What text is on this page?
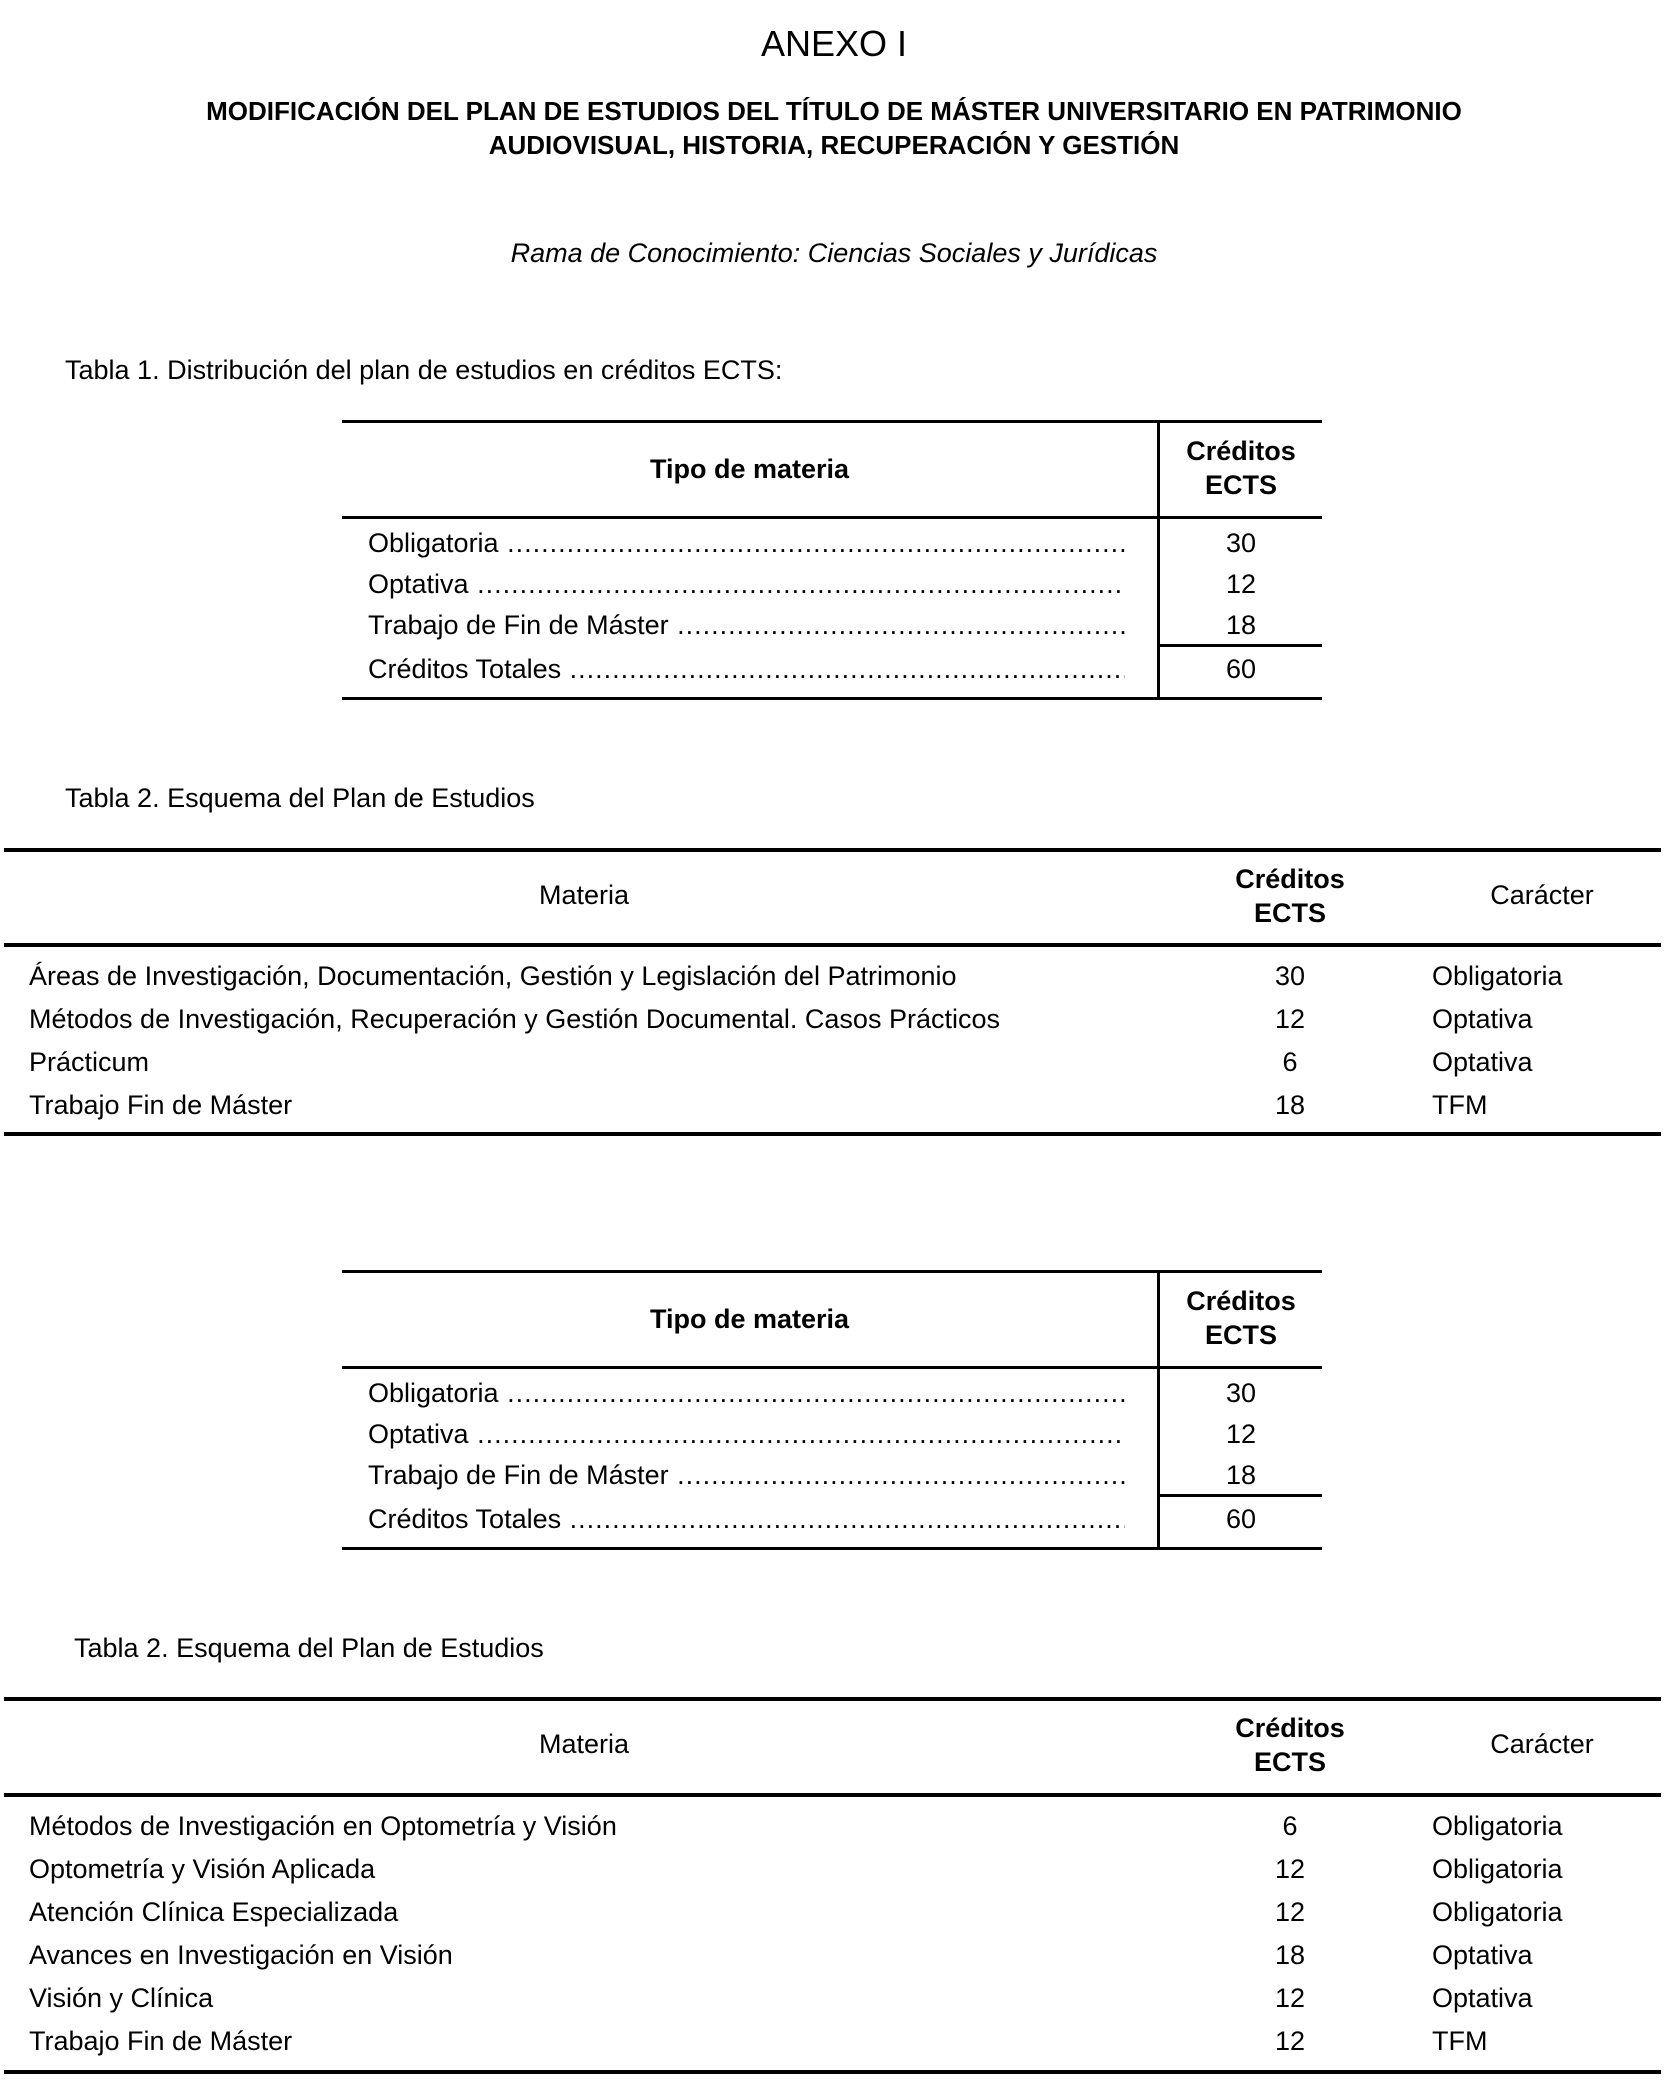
ANEXO I
MODIFICACIÓN DEL PLAN DE ESTUDIOS DEL TÍTULO DE MÁSTER UNIVERSITARIO EN PATRIMONIO
AUDIOVISUAL, HISTORIA, RECUPERACIÓN Y GESTIÓN
Rama de Conocimiento: Ciencias Sociales y Jurídicas
Tabla 1. Distribución del plan de estudios en créditos ECTS:
Tipo de materia
Créditos
ECTS
Obligatoria .....	30
Optativa .....	12
Trabajo de Fin de Máster .....	18
Créditos Totales .....	60
Tabla 2. Esquema del Plan de Estudios
Materia
Créditos
ECTS
Carácter
Áreas de Investigación, Documentación, Gestión y Legislación del Patrimonio	30	Obligatoria
Métodos de Investigación, Recuperación y Gestión Documental. Casos Prácticos	12	Optativa
Prácticum	6	Optativa
Trabajo Fin de Máster	18	TFM
Tipo de materia
Créditos
ECTS
Obligatoria .....	30
Optativa .....	12
Trabajo de Fin de Máster .....	18
Créditos Totales .....	60
Tabla 2. Esquema del Plan de Estudios
Materia
Créditos
ECTS
Carácter
Métodos de Investigación en Optometría y Visión	6	Obligatoria
Optometría y Visión Aplicada	12	Obligatoria
Atención Clínica Especializada	12	Obligatoria
Avances en Investigación en Visión	18	Optativa
Visión y Clínica	12	Optativa
Trabajo Fin de Máster	12	TFM
